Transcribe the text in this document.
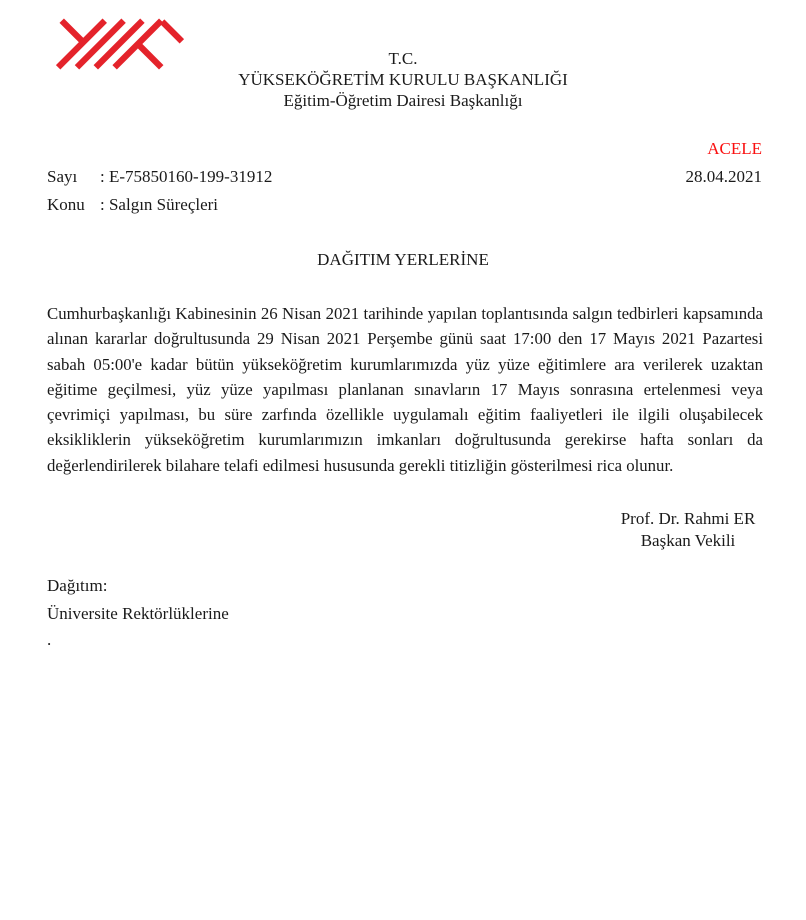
T.C.
YÜKSEKÖĞRETİM KURULU BAŞKANLIĞI
Eğitim-Öğretim Dairesi Başkanlığı
ACELE
Sayı : E-75850160-199-31912	28.04.2021
Konu : Salgın Süreçleri
DAĞITIM YERLERİNE

Cumhurbaşkanlığı Kabinesinin 26 Nisan 2021 tarihinde yapılan toplantısında salgın tedbirleri kapsamında alınan kararlar doğrultusunda 29 Nisan 2021 Perşembe günü saat 17:00 den 17 Mayıs 2021 Pazartesi sabah 05:00'e kadar bütün yükseköğretim kurumlarımızda yüz yüze eğitimlere ara verilerek uzaktan eğitime geçilmesi, yüz yüze yapılması planlanan sınavların 17 Mayıs sonrasına ertelenmesi veya çevrimiçi yapılması, bu süre zarfında özellikle uygulamalı eğitim faaliyetleri ile ilgili oluşabilecek eksikliklerin yükseköğretim kurumlarımızın imkanları doğrultusunda gerekirse hafta sonları da değerlendirilerek bilahare telafi edilmesi hususunda gerekli titizliğin gösterilmesi rica olunur.

Prof. Dr. Rahmi ER
Başkan Vekili
Dağıtım:
Üniversite Rektörlüklerine
.
